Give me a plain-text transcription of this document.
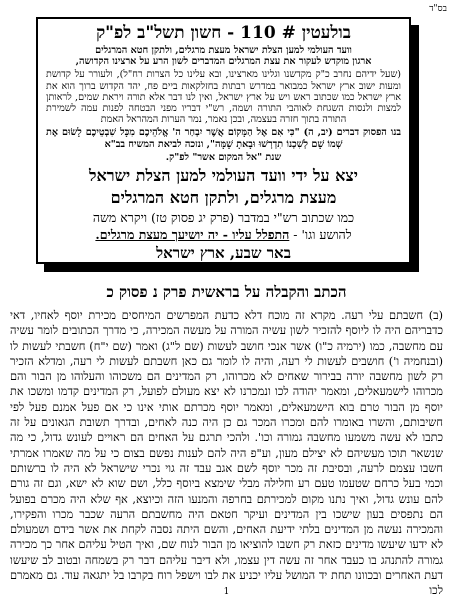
בס"ד
בולעטין # 110 - חשון תשל"ב לפ"ק
וועד העולמי למען הצלת ישראל מעצת מרגלים, ולתקן חטא המרגלים
ארגון מוקדש לעקור את עצת המרגלים המדברים לשון הרע על ארצינו הקדושה,
(שעל ידיהם נחרב כ"ק מקדשנו וגלינו מארצינו, ובא עלינו כל הצרות רח"ל), ולעורר על קדושת ומעות ישוב ארץ ישראל כמבואר במדרש רבתות בחזלקאות ביים פח, יהד הקדוש ברוך הוא את ארץ ישראל כמו שכתוב ראש ויש על ארץ ישראל, ואין לנו דבר אלא תורה ויראת שמים, לראותן למצות ולנסות השגחת לאוהבי התורה ושמה, רש"י דבריו מפני הבטחה לפנות עמה לשמירת התורה בתוך חזרה בעצמה, ובכן נאמר, נמר הערות המהראל האמת
בנו הפסוק דברים (יב, ה) "כִּי אִם אֶל הַמָּקוֹם אֲשֶׁר יִבְחַר ה' אֱלֹהֵיכֶם מִכָּל שִׁבְטֵיכֶם לָשׂוּם אֶת שְׁמוֹ שָׁם לְשִׁכְנוֹ תִדְרְשׁוּ וּבָאתָ שָׁמָּה", ונזכה לביאת המשיח בב"א
שנת "אל המקום אשר" לפ"ק.
יצא על ידי וועד העולמי למען הצלת ישראל
מעצת מרגלים, ולתקן חטא המרגלים
כמו שכתוב רש"י במדבר (פרק יג פסוק טז) ויקרא משה
להושע וגו' - התפלל עליו - יה יושיעך מעצת מרגלים.
באר שבע, ארץ ישראל
הכתב והקבלה על בראשית פרק נ פסוק כ
(ב) חשבתם עלי רעה. מקרא זה מוכח דלא כדעת המפרשים המיחסים מכירת יוסף לאחיו, דאי כדבריהם היה לו ליוסף להזכיר לשון עשיה המורה על מעשה המכירה, כי מדרך הכתובים לומר עשיה עם מחשבה, כמו (ירמיה כ"ו) אשר אנכי חושב לעשות (שם ל"ג) ואמר (שם י"ח) חשבתי לעשות לו (ובנחמיה ו') חושבים לעשות לי רעה, והיה לו לומר גם כאן חשבתם לעשות לי רעה, ומדלא הזכיר רק לשון מחשבה יורה בבירור שאחים לא מכרוהו, רק המדינים הם משכוהו והעלוהו מן הבור והם מכרוהו לישמעאלים, ומאמר יהודה לכו ונמכרנו לא יצא מעולם לפועל, רק המדינים קדמו ומשכו את יוסף מן הבור טרם בוא הישמעאלים, ומאמר יוסף מכרתם אותי אינו כי אם פעל אמנם פעל לפי חשיבותם, והשרו באומרו להם ומכרו המכר גם כן היה כנה לאחים, ובדרך תשובת הגאונים על זה כתבו לא עשה משמעו מחשבה גמורה וכו'. ולהכי תרגם על האחים הם ראויים לעונש גדול, כי מה שנשאר תוכו מעשיהם לא יצילם מעון, וע"פ היה להם לענות נפשם בצום כי על מה שאמרו אמרתי חשבו עצמם לרעה, ובסיבת זה מכר יוסף לשם אגב עבד זה גוי נכרי שישראל לא היה לו ברשותם וכמי בעל כרחם שטעמו טעם רע וחלילה מבלי שימצא ביוסף כלל, ושם שוא לא ישא, וגם זה גורם להם עונש גדול, ואיך נתנו מקום למכירתם בחרפה והמנעו הזה וכיוצא, אף שלא היה מכרם בפועל הם נתפסים בעון שישכו בין המדינים ועיקר חטאם היה מחשבתם הרעה שכבר מכרו והפקירו, והמכירה נעשה מן המדינים בלתי ידיעת האחים, והשם היתה נסבה לקחת את אשר בידם ושמעולם לא ידעו שיעשו מדינים כזאת רק חשבו להוציאו מן הבור לנוח שם, ואיך הטיל עליהם אחר כך מכירה גמורה להתנהג בו כעבד אחר זה עשה דין עצמו, ולא דיבר עליהם דבר רק בשמחה ובטוב לב שיעשו דעת האחרים ובכוונו תחת יד המושל עליו יכניע את לבו וישפל רוח בקרבו בל יתגאה עוד. גם מאמרם לכו
1
